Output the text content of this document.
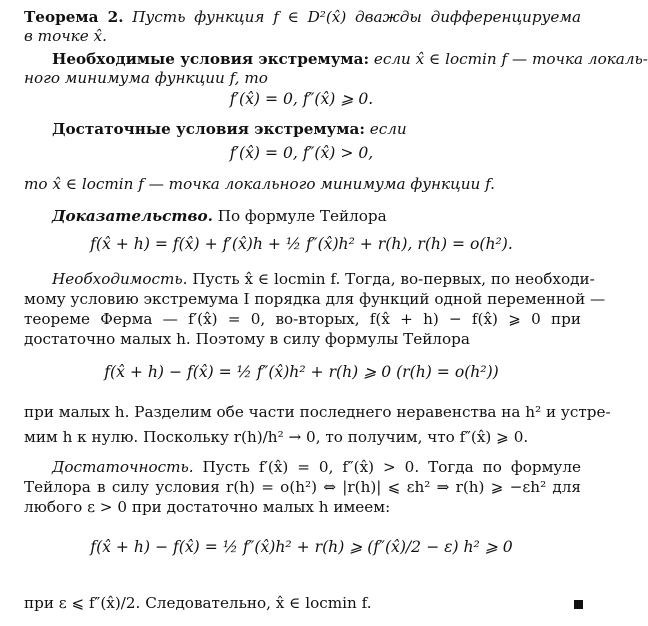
Теорема 2. Пусть функция f ∈ D²(x̂) дважды дифференцируема
в точке x̂.
Необходимые условия экстремума: если x̂ ∈ locmin f — точка локаль-
ного минимума функции f, то
f′(x̂) = 0, f″(x̂) ⩾ 0.
Достаточные условия экстремума: если
f′(x̂) = 0, f″(x̂) > 0,
то x̂ ∈ locmin f — точка локального минимума функции f.
Доказательство. По формуле Тейлора
f(x̂ + h) = f(x̂) + f′(x̂)h + ½ f″(x̂)h² + r(h), r(h) = o(h²).
Необходимость. Пусть x̂ ∈ locmin f. Тогда, во-первых, по необходи-
мому условию экстремума I порядка для функций одной переменной —
теореме Ферма — f′(x̂) = 0, во-вторых, f(x̂ + h) − f(x̂) ⩾ 0 при
достаточно малых h. Поэтому в силу формулы Тейлора
f(x̂ + h) − f(x̂) = ½ f″(x̂)h² + r(h) ⩾ 0 (r(h) = o(h²))
при малых h. Разделим обе части последнего неравенства на h² и устре-
мим h к нулю. Поскольку r(h)/h² → 0, то получим, что f″(x̂) ⩾ 0.
Достаточность. Пусть f′(x̂) = 0, f″(x̂) > 0. Тогда по формуле
Тейлора в силу условия r(h) = o(h²) ⇔ |r(h)| ⩽ εh² ⇒ r(h) ⩾ −εh² для
любого ε > 0 при достаточно малых h имеем:
f(x̂ + h) − f(x̂) = ½ f″(x̂)h² + r(h) ⩾ (f″(x̂)/2 − ε) h² ⩾ 0
при ε ⩽ f″(x̂)/2. Следовательно, x̂ ∈ locmin f.
